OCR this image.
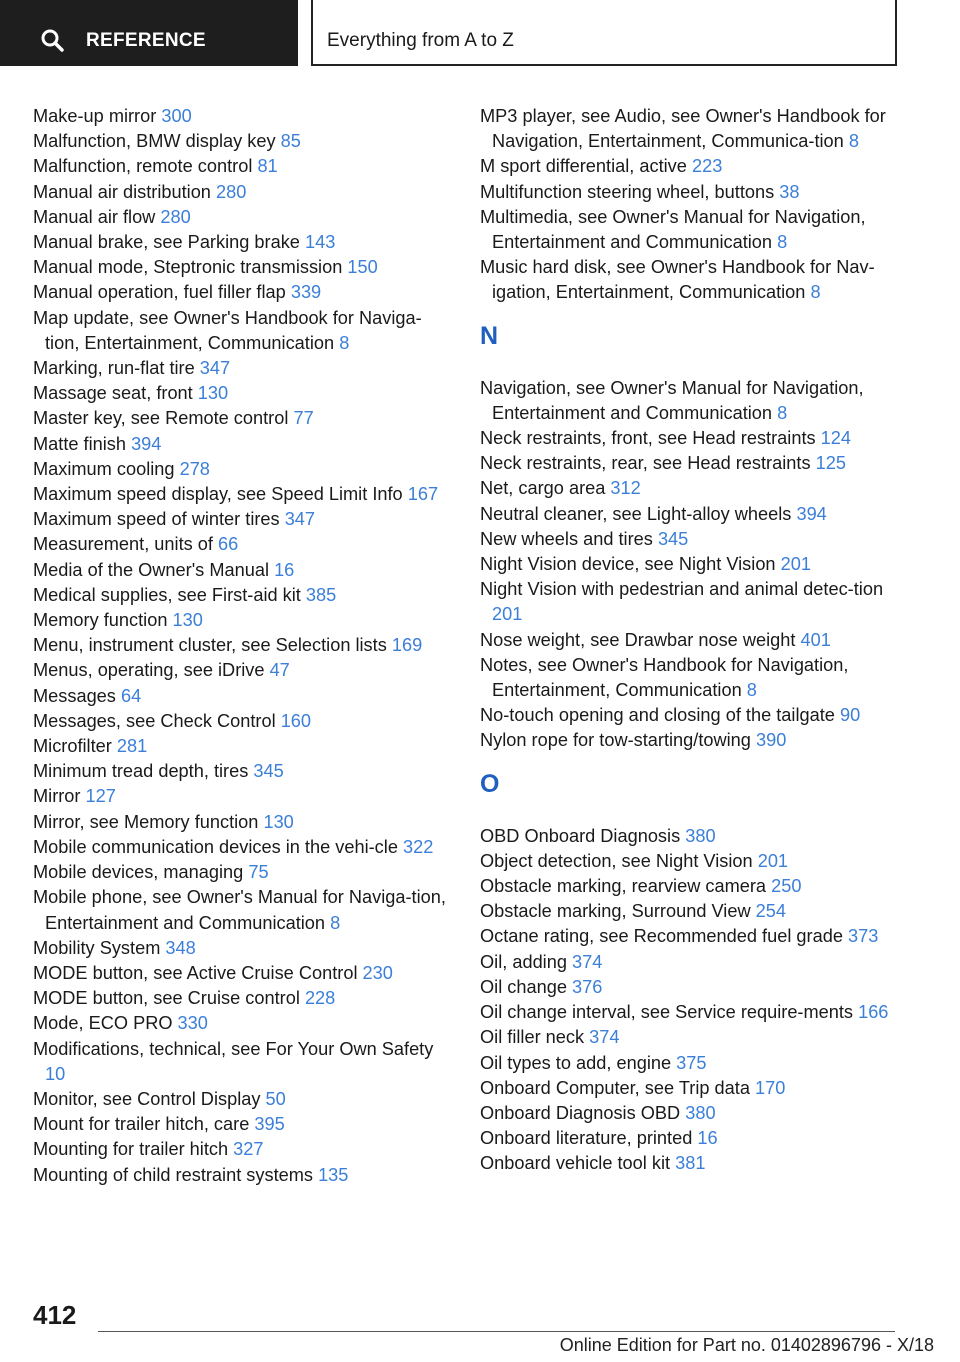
REFERENCE	Everything from A to Z
Make-up mirror 300
Malfunction, BMW display key 85
Malfunction, remote control 81
Manual air distribution 280
Manual air flow 280
Manual brake, see Parking brake 143
Manual mode, Steptronic transmission 150
Manual operation, fuel filler flap 339
Map update, see Owner's Handbook for Naviga‐tion, Entertainment, Communication 8
Marking, run-flat tire 347
Massage seat, front 130
Master key, see Remote control 77
Matte finish 394
Maximum cooling 278
Maximum speed display, see Speed Limit Info 167
Maximum speed of winter tires 347
Measurement, units of 66
Media of the Owner's Manual 16
Medical supplies, see First-aid kit 385
Memory function 130
Menu, instrument cluster, see Selection lists 169
Menus, operating, see iDrive 47
Messages 64
Messages, see Check Control 160
Microfilter 281
Minimum tread depth, tires 345
Mirror 127
Mirror, see Memory function 130
Mobile communication devices in the vehi‐cle 322
Mobile devices, managing 75
Mobile phone, see Owner's Manual for Naviga‐tion, Entertainment and Communication 8
Mobility System 348
MODE button, see Active Cruise Control 230
MODE button, see Cruise control 228
Mode, ECO PRO 330
Modifications, technical, see For Your Own Safety 10
Monitor, see Control Display 50
Mount for trailer hitch, care 395
Mounting for trailer hitch 327
Mounting of child restraint systems 135
MP3 player, see Audio, see Owner's Handbook for Navigation, Entertainment, Communica‐tion 8
M sport differential, active 223
Multifunction steering wheel, buttons 38
Multimedia, see Owner's Manual for Navigation, Entertainment and Communication 8
Music hard disk, see Owner's Handbook for Nav‐igation, Entertainment, Communication 8
N
Navigation, see Owner's Manual for Navigation, Entertainment and Communication 8
Neck restraints, front, see Head restraints 124
Neck restraints, rear, see Head restraints 125
Net, cargo area 312
Neutral cleaner, see Light-alloy wheels 394
New wheels and tires 345
Night Vision device, see Night Vision 201
Night Vision with pedestrian and animal detec‐tion 201
Nose weight, see Drawbar nose weight 401
Notes, see Owner's Handbook for Navigation, Entertainment, Communication 8
No-touch opening and closing of the tailgate 90
Nylon rope for tow-starting/towing 390
O
OBD Onboard Diagnosis 380
Object detection, see Night Vision 201
Obstacle marking, rearview camera 250
Obstacle marking, Surround View 254
Octane rating, see Recommended fuel grade 373
Oil, adding 374
Oil change 376
Oil change interval, see Service require‐ments 166
Oil filler neck 374
Oil types to add, engine 375
Onboard Computer, see Trip data 170
Onboard Diagnosis OBD 380
Onboard literature, printed 16
Onboard vehicle tool kit 381
412
Online Edition for Part no. 01402896796 - X/18
